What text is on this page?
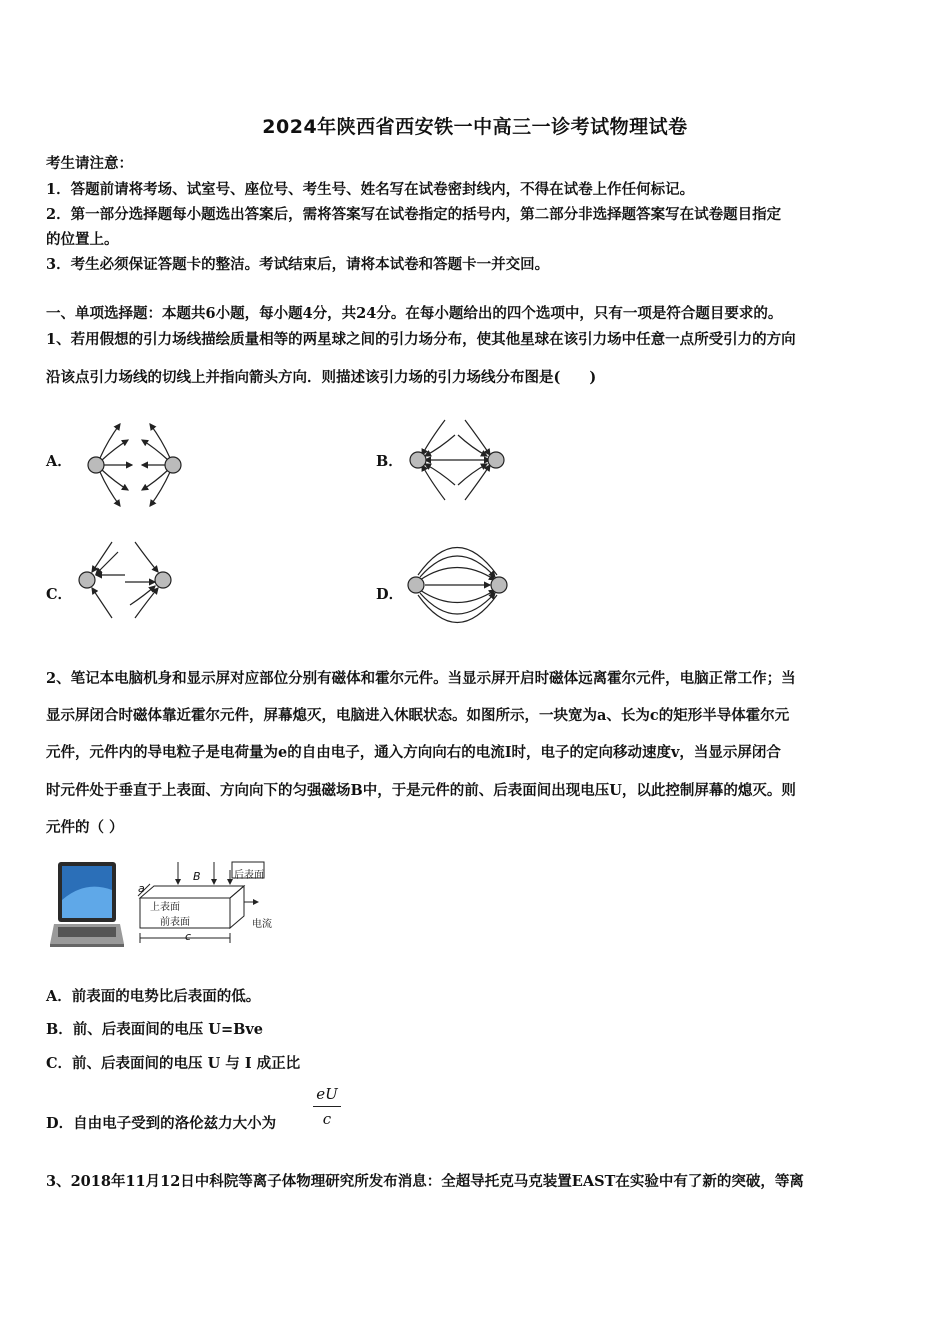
2024年陕西省西安铁一中高三一诊考试物理试卷
考生请注意：
1．答题前请将考场、试室号、座位号、考生号、姓名写在试卷密封线内，不得在试卷上作任何标记。
2．第一部分选择题每小题选出答案后，需将答案写在试卷指定的括号内，第二部分非选择题答案写在试卷题目指定
的位置上。
3．考生必须保证答题卡的整洁。考试结束后，请将本试卷和答题卡一并交回。
一、单项选择题：本题共6小题，每小题4分，共24分。在每小题给出的四个选项中，只有一项是符合题目要求的。
1、若用假想的引力场线描绘质量相等的两星球之间的引力场分布，使其他星球在该引力场中任意一点所受引力的方向
沿该点引力场线的切线上并指向箭头方向．则描述该引力场的引力场线分布图是(　　)
A．	B．
C．	D．
2、笔记本电脑机身和显示屏对应部位分别有磁体和霍尔元件。当显示屏开启时磁体远离霍尔元件，电脑正常工作；当
显示屏闭合时磁体靠近霍尔元件，屏幕熄灭，电脑进入休眠状态。如图所示，一块宽为a、长为c的矩形半导体霍尔元
元件，元件内的导电粒子是电荷量为e的自由电子，通入方向向右的电流I时，电子的定向移动速度v，当显示屏闭合
时元件处于垂直于上表面、方向向下的匀强磁场B中，于是元件的前、后表面间出现电压U，以此控制屏幕的熄灭。则
元件的（ ）
B	后表面
上表面
前表面	电流
a
c
A．前表面的电势比后表面的低。
B．前、后表面间的电压 U=Bve
C．前、后表面间的电压 U 与 I 成正比
D．自由电子受到的洛伦兹力大小为
eU
c
3、2018年11月12日中科院等离子体物理研究所发布消息：全超导托克马克装置EAST在实验中有了新的突破，等离
